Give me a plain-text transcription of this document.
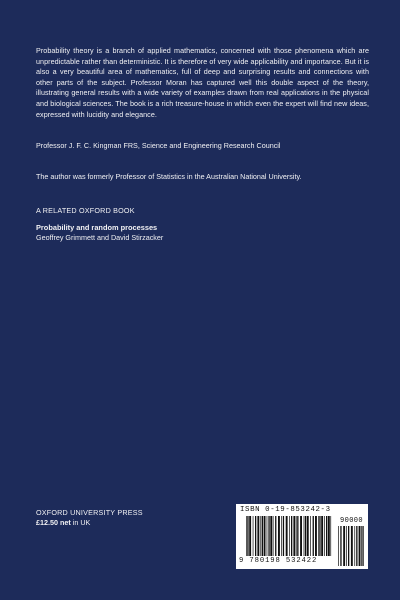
Probability theory is a branch of applied mathematics, concerned with those phenomena which are unpredictable rather than deterministic. It is therefore of very wide applicability and importance. But it is also a very beautiful area of mathematics, full of deep and surprising results and connections with other parts of the subject. Professor Moran has captured well this double aspect of the theory, illustrating general results with a wide variety of examples drawn from real applications in the physical and biological sciences. The book is a rich treasure-house in which even the expert will find new ideas, expressed with lucidity and elegance.

Professor J. F. C. Kingman FRS, Science and Engineering Research Council

The author was formerly Professor of Statistics in the Australian National University.

A RELATED OXFORD BOOK

Probability and random processes

Geoffrey Grimmett and David Stirzacker

OXFORD UNIVERSITY PRESS

£12.50 net in UK

ISBN 0-19-853242-3
90000
9 780198 532422
